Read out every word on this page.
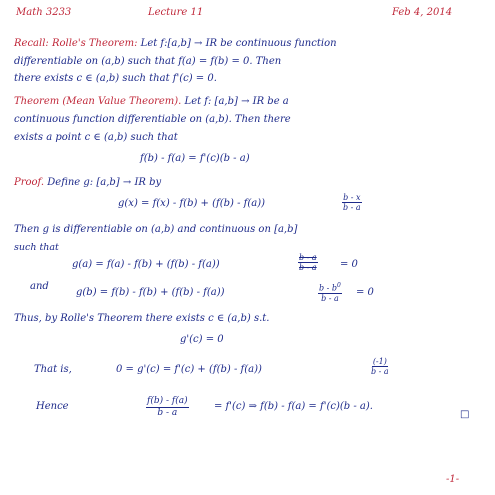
Math 3233	Lecture 11	Feb 4, 2014
Recall: Rolle's Theorem: Let f:[a,b] → IR be continuous function
differentiable on (a,b) such that f(a) = f(b) = 0. Then
there exists c ∈ (a,b) such that f'(c) = 0.
Theorem (Mean Value Theorem). Let f: [a,b] → IR be a
continuous function differentiable on (a,b). Then there
exists a point c ∈ (a,b) such that
f(b) - f(a) = f'(c)(b - a)
Proof. Define g: [a,b] → IR by
g(x) = f(x) - f(b) + (f(b) - f(a))	$\frac{b - x}{b - a}$
Then g is differentiable on (a,b) and continuous on [a,b]
such that
g(a) = f(a) - f(b) + (f(b) - f(a))	$\frac{b - a}{b - a} = 0$
and
g(b) = f(b) - f(b) + (f(b) - f(a))	$\frac{b - b^0}{b - a} = 0$
Thus, by Rolle's Theorem there exists c ∈ (a,b) s.t.
g'(c) = 0
That is,	0 = g'(c) = f'(c) + (f(b) - f(a))	$\frac{(-1)}{b - a}$
Hence	$\frac{f(b) - f(a)}{b - a}$	= f'(c) ⇒ f(b) - f(a) = f'(c)(b - a).
□
-1-
